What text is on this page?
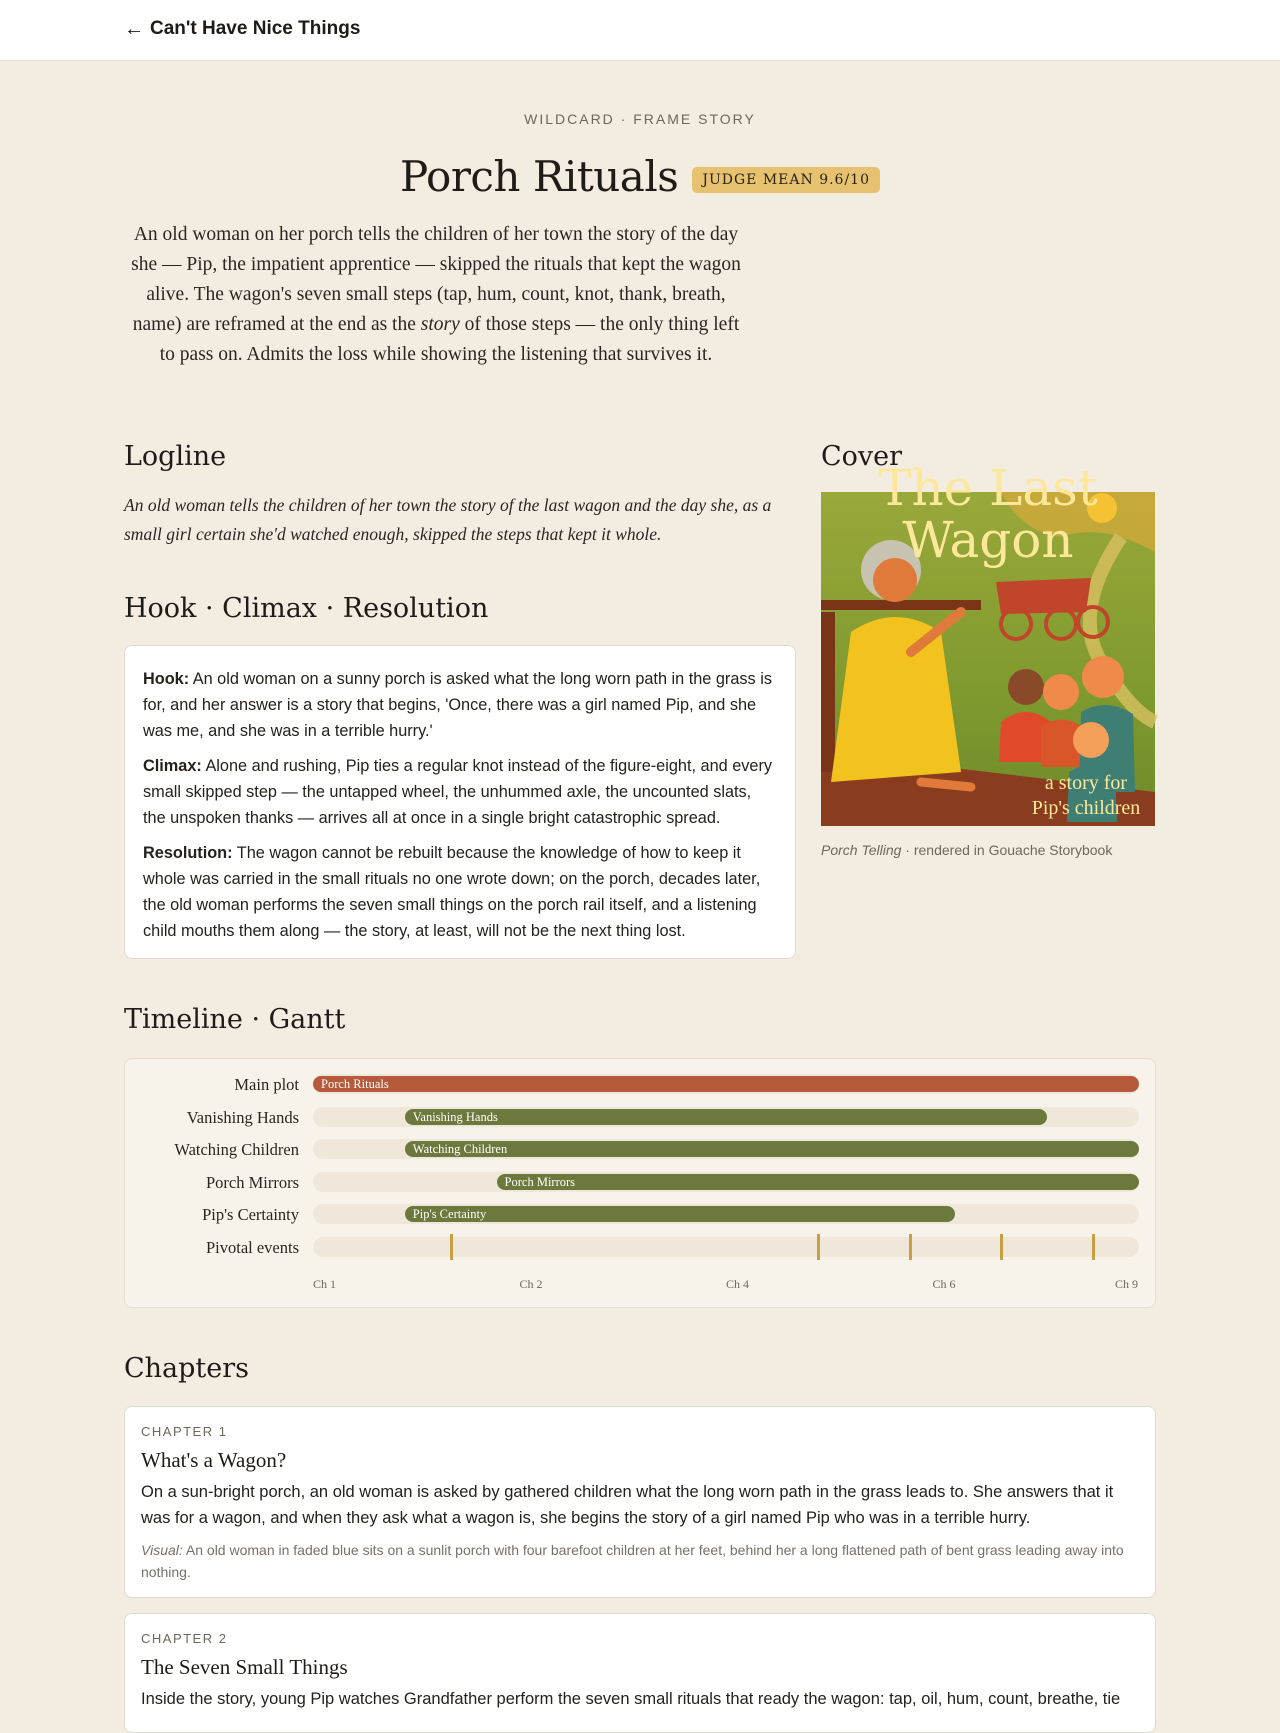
← Can't Have Nice Things
WILDCARD · FRAME STORY
Porch Rituals	JUDGE MEAN 9.6/10

An old woman on her porch tells the children of her town the story of the day she — Pip, the impatient apprentice — skipped the rituals that kept the wagon alive. The wagon's seven small steps (tap, hum, count, knot, thank, breath, name) are reframed at the end as the story of those steps — the only thing left to pass on. Admits the loss while showing the listening that survives it.

Logline

An old woman tells the children of her town the story of the last wagon and the day she, as a small girl certain she'd watched enough, skipped the steps that kept it whole.

Hook · Climax · Resolution

Hook: An old woman on a sunny porch is asked what the long worn path in the grass is for, and her answer is a story that begins, 'Once, there was a girl named Pip, and she was me, and she was in a terrible hurry.'

Climax: Alone and rushing, Pip ties a regular knot instead of the figure-eight, and every small skipped step — the untapped wheel, the unhummed axle, the uncounted slats, the unspoken thanks — arrives all at once in a single bright catastrophic spread.

Resolution: The wagon cannot be rebuilt because the knowledge of how to keep it whole was carried in the small rituals no one wrote down; on the porch, decades later, the old woman performs the seven small things on the porch rail itself, and a listening child mouths them along — the story, at least, will not be the next thing lost.

Cover
The Last
Wagon
a story for
Pip's children
Porch Telling · rendered in Gouache Storybook
Timeline · Gantt
Main plot	Porch Rituals
Vanishing Hands	Vanishing Hands
Watching Children	Watching Children
Porch Mirrors	Porch Mirrors
Pip's Certainty	Pip's Certainty
Pivotal events
Ch 1	Ch 2	Ch 4	Ch 6	Ch 9
Chapters
CHAPTER 1
What's a Wagon?
On a sun-bright porch, an old woman is asked by gathered children what the long worn path in the grass leads to. She answers that it was for a wagon, and when they ask what a wagon is, she begins the story of a girl named Pip who was in a terrible hurry.
Visual: An old woman in faded blue sits on a sunlit porch with four barefoot children at her feet, behind her a long flattened path of bent grass leading away into nothing.
CHAPTER 2
The Seven Small Things
Inside the story, young Pip watches Grandfather perform the seven small rituals that ready the wagon: tap, oil, hum, count, breathe, tie
